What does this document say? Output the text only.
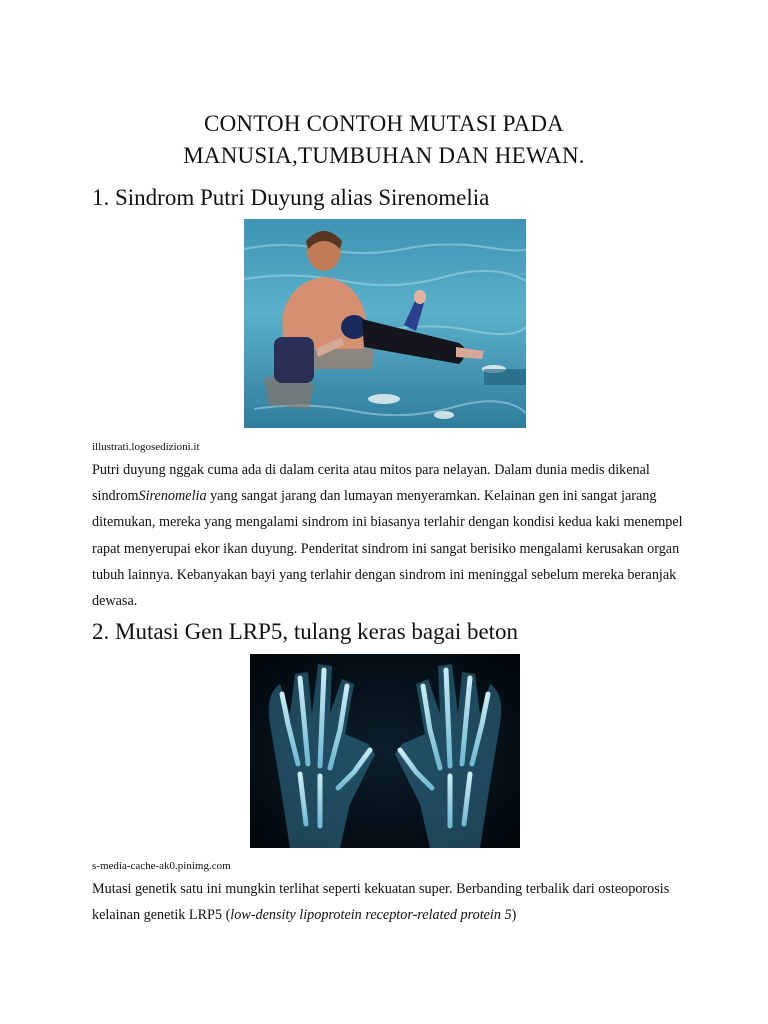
CONTOH CONTOH MUTASI PADA
MANUSIA,TUMBUHAN DAN HEWAN.
1. Sindrom Putri Duyung alias Sirenomelia
illustrati.logosedizioni.it

Putri duyung nggak cuma ada di dalam cerita atau mitos para nelayan. Dalam dunia medis dikenal sindromSirenomelia yang sangat jarang dan lumayan menyeramkan. Kelainan gen ini sangat jarang ditemukan, mereka yang mengalami sindrom ini biasanya terlahir dengan kondisi kedua kaki menempel rapat menyerupai ekor ikan duyung. Penderitat sindrom ini sangat berisiko mengalami kerusakan organ tubuh lainnya. Kebanyakan bayi yang terlahir dengan sindrom ini meninggal sebelum mereka beranjak dewasa.

2. Mutasi Gen LRP5, tulang keras bagai beton
s-media-cache-ak0.pinimg.com

Mutasi genetik satu ini mungkin terlihat seperti kekuatan super. Berbanding terbalik dari osteoporosis kelainan genetik LRP5 (low-density lipoprotein receptor-related protein 5)
